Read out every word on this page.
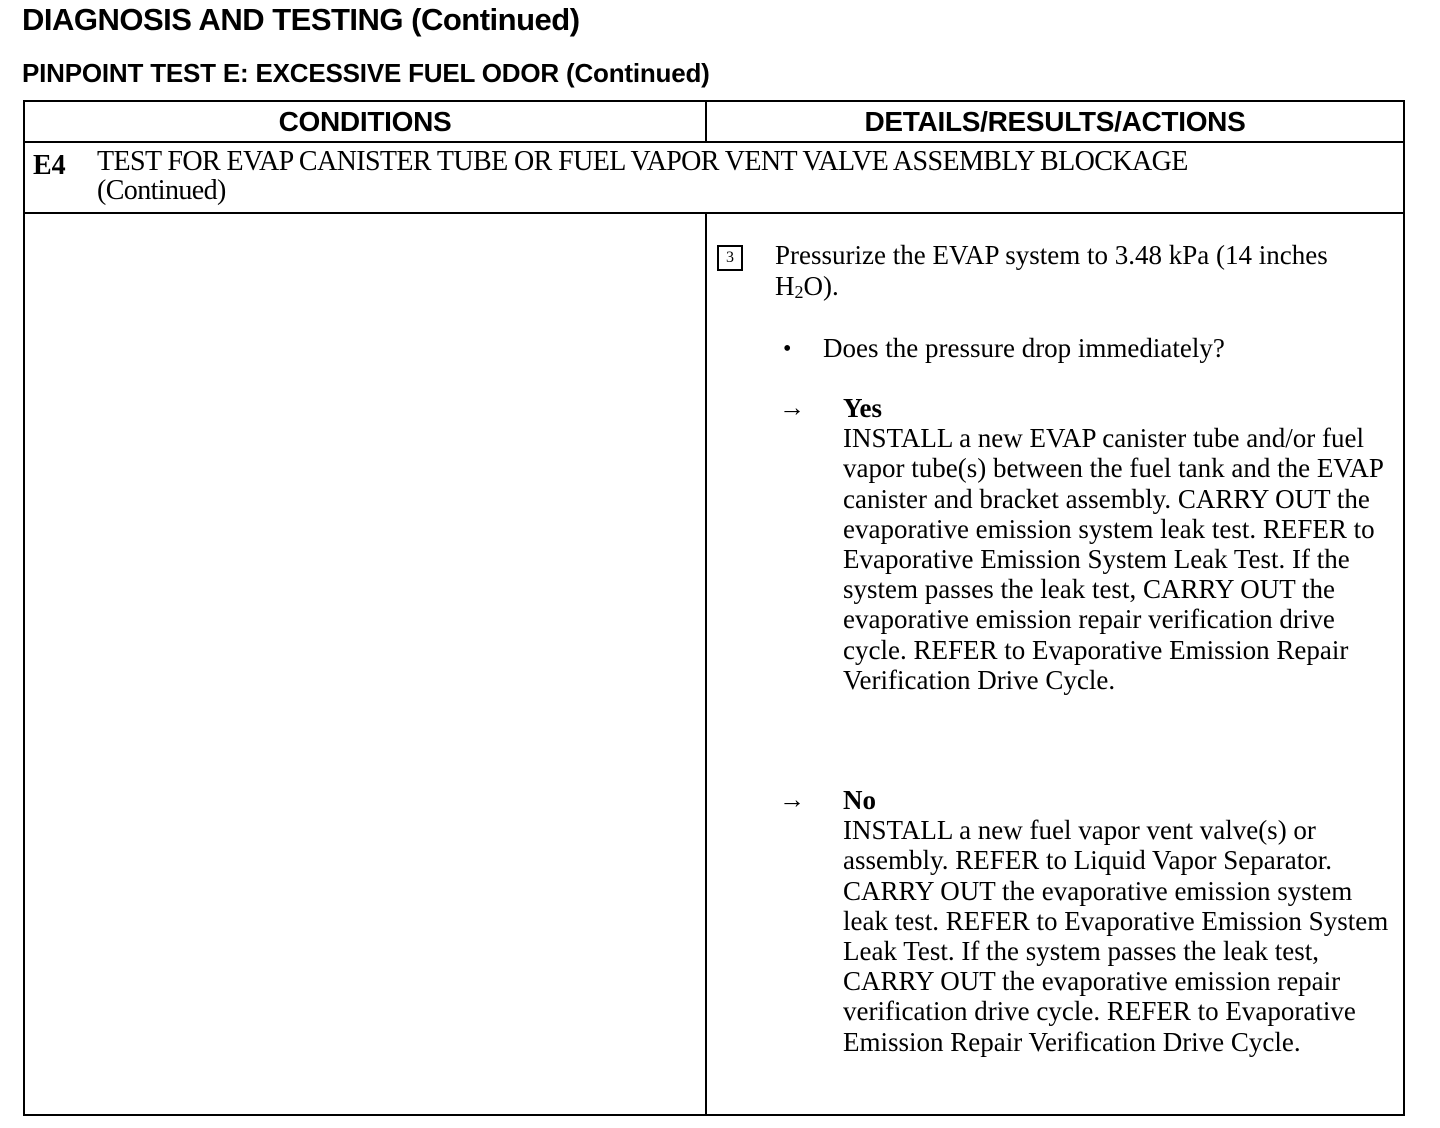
DIAGNOSIS AND TESTING (Continued)
PINPOINT TEST E: EXCESSIVE FUEL ODOR (Continued)
CONDITIONS	DETAILS/RESULTS/ACTIONS
E4 TEST FOR EVAP CANISTER TUBE OR FUEL VAPOR VENT VALVE ASSEMBLY BLOCKAGE
(Continued)
3	Pressurize the EVAP system to 3.48 kPa (14 inches $H_2O$).
• Does the pressure drop immediately?
→ Yes
INSTALL a new EVAP canister tube and/or fuel vapor tube(s) between the fuel tank and the EVAP canister and bracket assembly. CARRY OUT the evaporative emission system leak test. REFER to Evaporative Emission System Leak Test. If the system passes the leak test, CARRY OUT the evaporative emission repair verification drive cycle. REFER to Evaporative Emission Repair Verification Drive Cycle.
→ No
INSTALL a new fuel vapor vent valve(s) or assembly. REFER to Liquid Vapor Separator. CARRY OUT the evaporative emission system leak test. REFER to Evaporative Emission System Leak Test. If the system passes the leak test, CARRY OUT the evaporative emission repair verification drive cycle. REFER to Evaporative Emission Repair Verification Drive Cycle.
